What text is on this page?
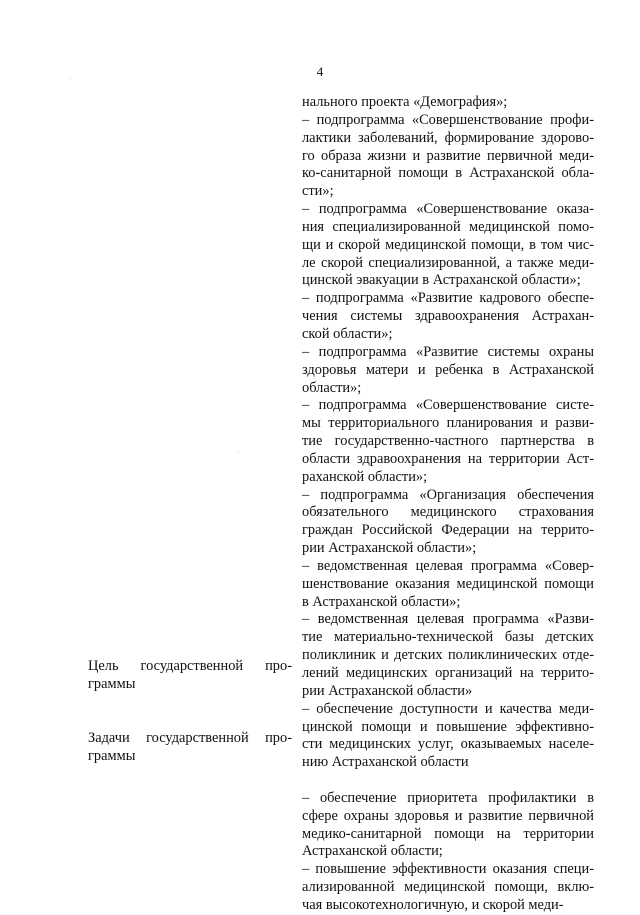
4
Цель государственной про-
граммы
Задачи государственной про-
граммы
нального проекта «Демография»;
– подпрограмма «Совершенствование профи-
лактики заболеваний, формирование здорово-
го образа жизни и развитие первичной меди-
ко-санитарной помощи в Астраханской обла-
сти»;
– подпрограмма «Совершенствование оказа-
ния специализированной медицинской помо-
щи и скорой медицинской помощи, в том чис-
ле скорой специализированной, а также меди-
цинской эвакуации в Астраханской области»;
– подпрограмма «Развитие кадрового обеспе-
чения системы здравоохранения Астрахан-
ской области»;
– подпрограмма «Развитие системы охраны
здоровья матери и ребенка в Астраханской
области»;
– подпрограмма «Совершенствование систе-
мы территориального планирования и разви-
тие государственно-частного партнерства в
области здравоохранения на территории Аст-
раханской области»;
– подпрограмма «Организация обеспечения
обязательного медицинского страхования
граждан Российской Федерации на террито-
рии Астраханской области»;
– ведомственная целевая программа «Совер-
шенствование оказания медицинской помощи
в Астраханской области»;
– ведомственная целевая программа «Разви-
тие материально-технической базы детских
поликлиник и детских поликлинических отде-
лений медицинских организаций на террито-
рии Астраханской области»
– обеспечение доступности и качества меди-
цинской помощи и повышение эффективно-
сти медицинских услуг, оказываемых населе-
нию Астраханской области
– обеспечение приоритета профилактики в
сфере охраны здоровья и развитие первичной
медико-санитарной помощи на территории
Астраханской области;
– повышение эффективности оказания специ-
ализированной медицинской помощи, вклю-
чая высокотехнологичную, и скорой меди-
